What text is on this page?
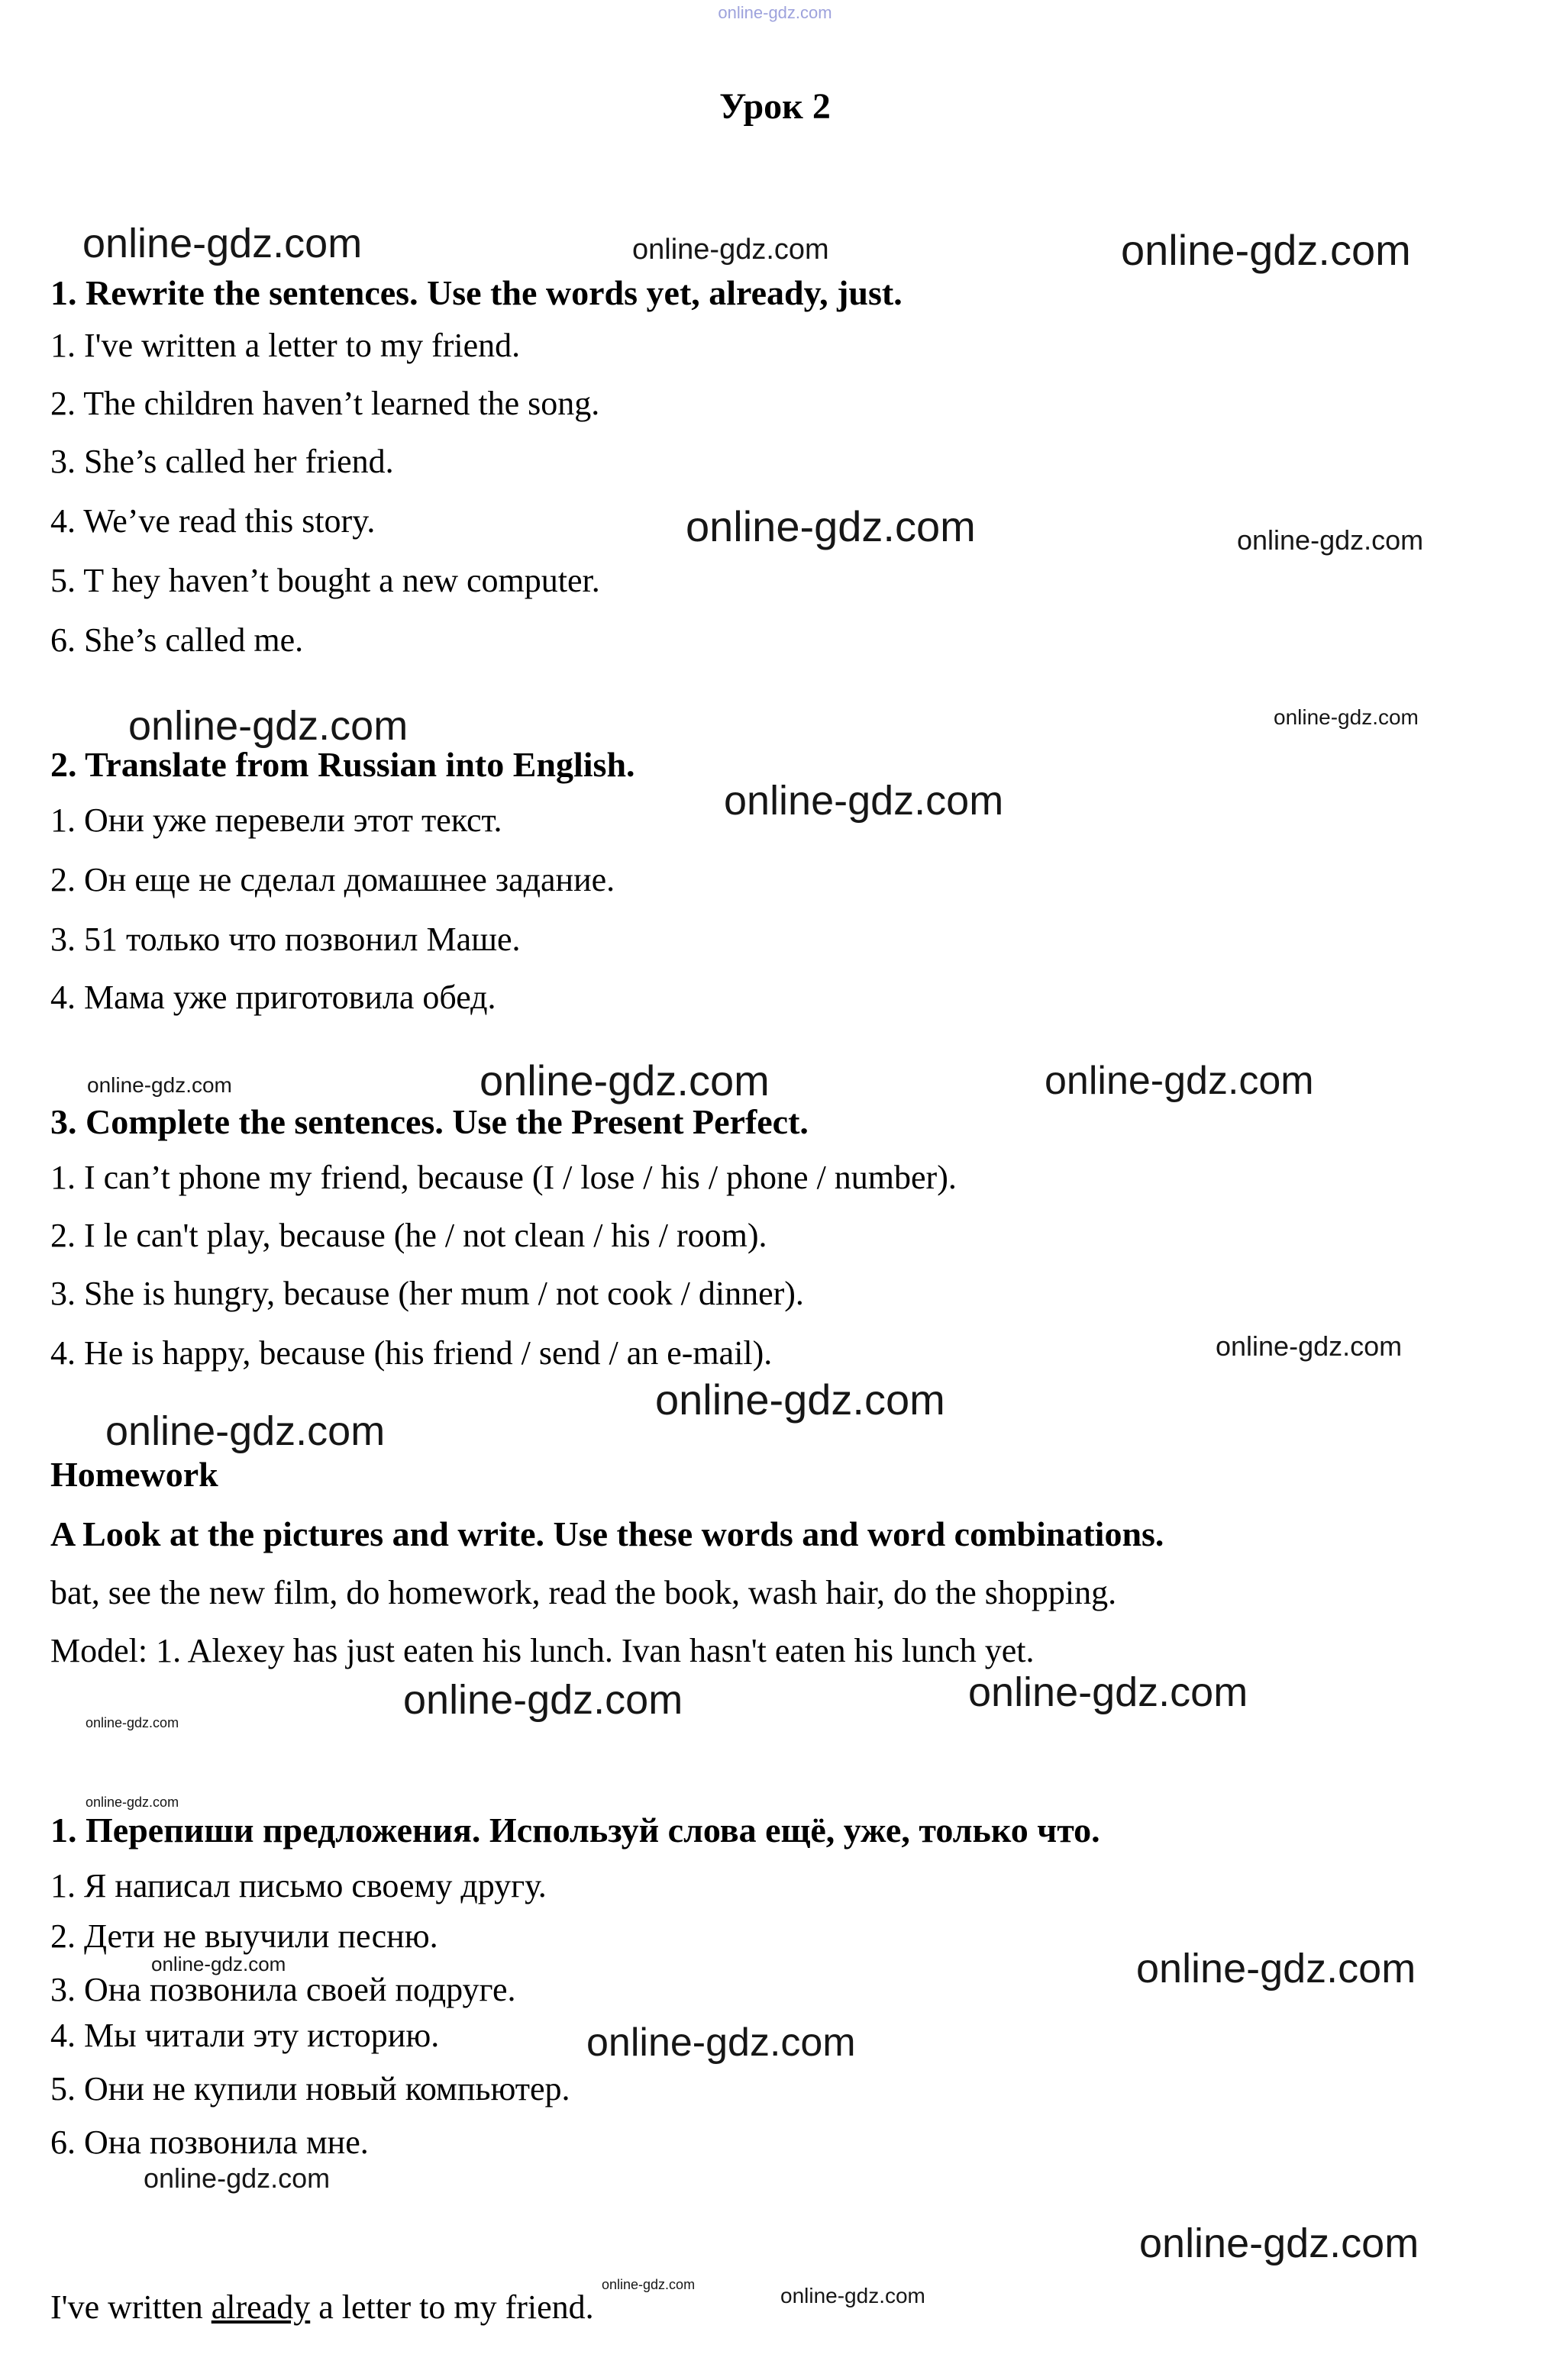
online-gdz.com
Урок 2
online-gdz.com	online-gdz.com	online-gdz.com
1. Rewrite the sentences. Use the words yet, already, just.
1. I've written a letter to my friend.
2. The children haven’t learned the song.
3. She’s called her friend.
4. We’ve read this story.
5. T hey haven’t bought a new computer.
6. She’s called me.
online-gdz.com	online-gdz.com
online-gdz.com	online-gdz.com
2. Translate from Russian into English.
online-gdz.com
1. Они уже перевели этот текст.
2. Он еще не сделал домашнее задание.
3. 51 только что позвонил Маше.
4. Мама уже приготовила обед.
online-gdz.com
online-gdz.com	online-gdz.com
3. Complete the sentences. Use the Present Perfect.
1. I can’t phone my friend, because (I / lose / his / phone / number).
2. I le can't play, because (he / not clean / his / room).
3. She is hungry, because (her mum / not cook / dinner).
4. He is happy, because (his friend / send / an e-mail).	online-gdz.com
online-gdz.com
online-gdz.com
Homework
A Look at the pictures and write. Use these words and word combinations.
bat, see the new film, do homework, read the book, wash hair, do the shopping.
Model: 1. Alexey has just eaten his lunch. Ivan hasn't eaten his lunch yet.
online-gdz.com	online-gdz.com
online-gdz.com
online-gdz.com
1. Перепиши предложения. Используй слова ещё, уже, только что.
1. Я написал письмо своему другу.
2. Дети не выучили песню.
3. Она позвонила своей подруге.
4. Мы читали эту историю.
5. Они не купили новый компьютер.
6. Она позвонила мне.
online-gdz.com	online-gdz.com
online-gdz.com
online-gdz.com
online-gdz.com
I've written already a letter to my friend.
online-gdz.com	online-gdz.com
